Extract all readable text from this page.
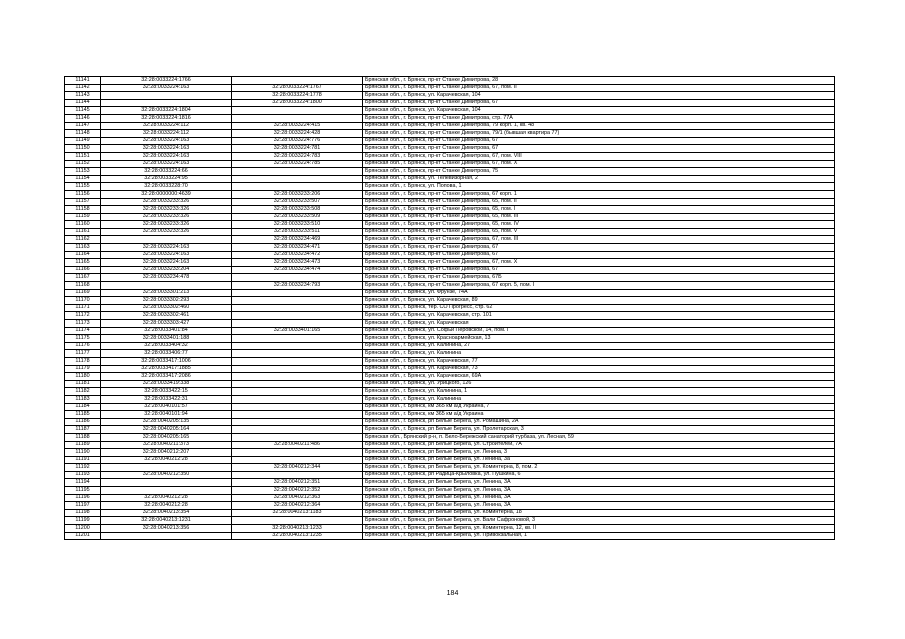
11141	32:28:0033224:1766		Брянская обл., г. Брянск, пр-кт Станке Димитрова, 28
11142	32:28:0033224:163	32:28:0033224:1767	Брянская обл., г. Брянск, пр-кт Станке Димитрова, 67, пом. II
11143		32:28:0033224:1778	Брянская обл., г. Брянск, ул. Карачевская, 104
11144		32:28:0033224:1800	Брянская обл., г. Брянск, пр-кт Станке Димитрова, 67
11145	32:28:0033224:1804		Брянская обл., г. Брянск, ул. Карачевская, 104
11146	32:28:0033224:1816		Брянская обл., г. Брянск, пр-кт Станке Димитрова, стр. 77А
11147	32:28:0033224:112	32:28:0033224:415	Брянская обл., г. Брянск, пр-кт Станке Димитрова, 79 корп. 1, кв. 48
11148	32:28:0033224:112	32:28:0033224:428	Брянская обл., г. Брянск, пр-кт Станке Димитрова, 79/1 (бывшая квартира 77)
11149	32:28:0033224:163	32:28:0033224:776	Брянская обл., г. Брянск, пр-кт Станке Димитрова, 67
11150	32:28:0033224:163	32:28:0033224:781	Брянская обл., г. Брянск, пр-кт Станке Димитрова, 67
11151	32:28:0033224:163	32:28:0033224:783	Брянская обл., г. Брянск, пр-кт Станке Димитрова, 67, пом. VIII
11152	32:28:0033224:163	32:28:0033224:785	Брянская обл., г. Брянск, пр-кт Станке Димитрова, 67, пом. X
11153	32:28:0033224:66		Брянская обл., г. Брянск, пр-кт Станке Димитрова, 75
11154	32:28:0033224:95		Брянская обл., г. Брянск, ул. Телевизорная, 2
11155	32:28:0033228:70		Брянская обл., г. Брянск, ул. Попова, 1
11156	32:28:0000000:4639	32:28:0033233:206	Брянская обл., г. Брянск, пр-кт Станке Димитрова, 67 корп. 1
11157	32:28:0033233:326	32:28:0033233:507	Брянская обл., г. Брянск, пр-кт Станке Димитрова, 65, пом. II
11158	32:28:0033233:326	32:28:0033233:508	Брянская обл., г. Брянск, пр-кт Станке Димитрова, 65, пом. I
11159	32:28:0033233:326	32:28:0033233:509	Брянская обл., г. Брянск, пр-кт Станке Димитрова, 65, пом. III
11160	32:28:0033233:326	32:28:0033233:510	Брянская обл., г. Брянск, пр-кт Станке Димитрова, 65, пом. IV
11161	32:28:0033233:326	32:28:0033233:511	Брянская обл., г. Брянск, пр-кт Станке Димитрова, 65, пом. V
11162		32:28:0033234:469	Брянская обл., г. Брянск, пр-кт Станке Димитрова, 67, пом. III
11163	32:28:0033224:163	32:28:0033234:471	Брянская обл., г. Брянск, пр-кт Станке Димитрова, 67
11164	32:28:0033224:163	32:28:0033234:472	Брянская обл., г. Брянск, пр-кт Станке Димитрова, 67
11165	32:28:0033224:163	32:28:0033234:473	Брянская обл., г. Брянск, пр-кт Станке Димитрова, 67, пом. X
11166	32:28:0033233:204	32:28:0033234:474	Брянская обл., г. Брянск, пр-кт Станке Димитрова, 67
11167	32:28:0033234:478		Брянская обл., г. Брянск, пр-кт Станке Димитрова, 67Б
11168		32:28:0033234:793	Брянская обл., г. Брянск, пр-кт Станке Димитрова, 67 корп. 5, пом. I
11169	32:28:0033301:213		Брянская обл., г. Брянск, ул. Фрунзе, 74А
11170	32:28:0033302:293		Брянская обл., г. Брянск, ул. Карачевская, 89
11171	32:28:0033302:460		Брянская обл., г. Брянск, тер. СО Прогресс, стр. 62
11172	32:28:0033302:461		Брянская обл., г. Брянск, ул. Карачевская, стр. 101
11173	32:28:0033303:427		Брянская обл., г. Брянск, ул. Карачевская
11174	32:28:0033401:84	32:28:0033401:165	Брянская обл., г. Брянск, ул. Софьи Перовской, 14, пом. I
11175	32:28:0033401:188		Брянская обл., г. Брянск, ул. Красноармейская, 13
11176	32:28:0033404:32		Брянская обл., г. Брянск, ул. Калинина, 27
11177	32:28:0033406:77		Брянская обл., г. Брянск, ул. Калинина
11178	32:28:0033417:1006		Брянская обл., г. Брянск, ул. Карачевская, 77
11179	32:28:0033417:1885		Брянская обл., г. Брянск, ул. Карачевская, 73
11180	32:28:0033417:2086		Брянская обл., г. Брянск, ул. Карачевская, 69А
11181	32:28:0033419:338		Брянская обл., г. Брянск, ул. Урицкого, 126
11182	32:28:0033422:15		Брянская обл., г. Брянск, ул. Калинина, 1
11183	32:28:0033422:31		Брянская обл., г. Брянск, ул. Калинина
11184	32:28:0040101:57		Брянская обл., г. Брянск, км 365 км а/д Украина, 7
11185	32:28:0040101:94		Брянская обл., г. Брянск, км 365 км а/д Украина
11186	32:28:0040205:135		Брянская обл., г. Брянск, рп Белые Берега, ул. Ромашина, 2А
11187	32:28:0040205:164		Брянская обл., г. Брянск, рп Белые Берега, ул. Пролетарская, 3
11188	32:28:0040205:165		Брянская обл., Брянский р-н, п. Бело-Бережский санаторий турбаза, ул. Лесная, 59
11189	32:28:0040211:373	32:28:0040211:486	Брянская обл., г. Брянск, рп Белые Берега, ул. Строителей, 7А
11190	32:28:0040212:207		Брянская обл., г. Брянск, рп Белые Берега, ул. Ленина, 3
11191	32:28:0040212:28		Брянская обл., г. Брянск, рп Белые Берега, ул. Ленина, 3а
11192		32:28:0040212:344	Брянская обл., г. Брянск, рп Белые Берега, ул. Коминтерна, 8, пом. 2
11193	32:28:0040212:350		Брянская обл., г. Брянск, рп Радица-Крыловка, ул. Пушкина, 6
11194		32:28:0040212:351	Брянская обл., г. Брянск, рп Белые Берега, ул. Ленина, 3А
11195		32:28:0040212:352	Брянская обл., г. Брянск, рп Белые Берега, ул. Ленина, 3А
11196	32:28:0040212:28	32:28:0040212:363	Брянская обл., г. Брянск, рп Белые Берега, ул. Ленина, 3А
11197	32:28:0040212:28	32:28:0040212:364	Брянская обл., г. Брянск, рп Белые Берега, ул. Ленина, 3А
11198	32:28:0040213:354	32:28:0040213:1183	Брянская обл., г. Брянск, рп Белые Берега, ул. Коминтерна, 18
11199	32:28:0040213:1231		Брянская обл., г. Брянск, рп Белые Берега, ул. Вали Сафроновой, 3
11200	32:28:0040213:356	32:28:0040213:1233	Брянская обл., г. Брянск, рп Белые Берега, ул. Коминтерна, 12, кв. II
11201		32:28:0040213:1235	Брянская обл., г. Брянск, рп Белые Берега, ул. Привокзальная, 1
184
